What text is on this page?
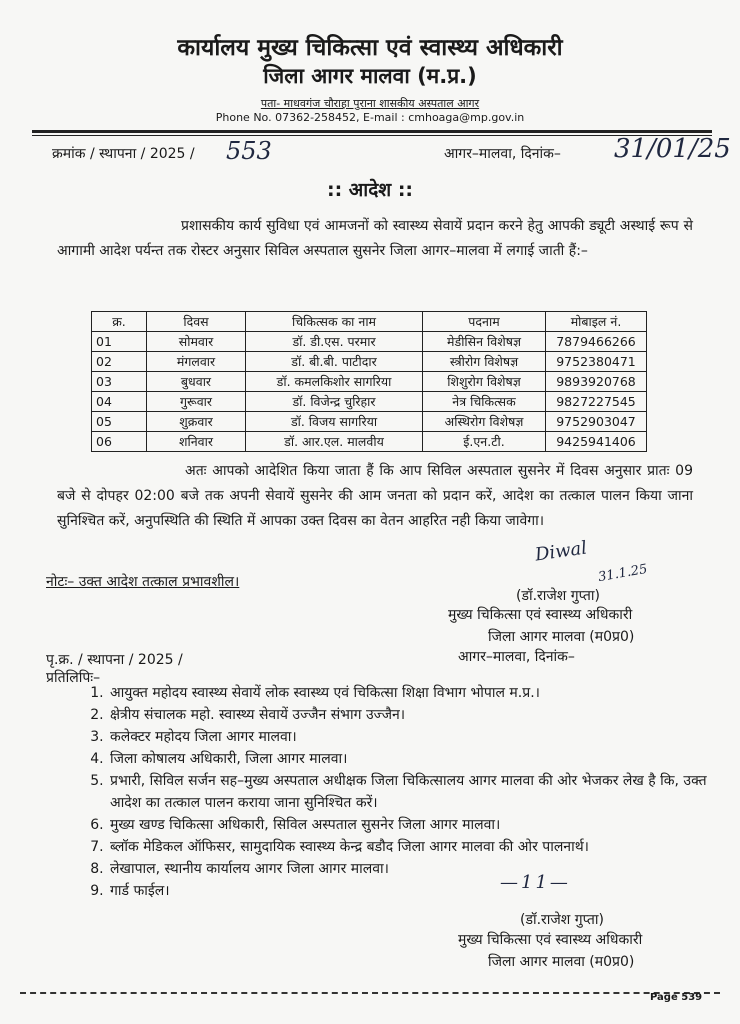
कार्यालय मुख्य चिकित्सा एवं स्वास्थ्य अधिकारी
जिला आगर मालवा (म.प्र.)
पता- माधवगंज चौराहा पुराना शासकीय अस्पताल आगर
Phone No. 07362-258452, E-mail : cmhoaga@mp.gov.in
क्रमांक / स्थापना / 2025 / 553	आगर–मालवा, दिनांक– 31/01/25
:: आदेश ::
प्रशासकीय कार्य सुविधा एवं आमजनों को स्वास्थ्य सेवायें प्रदान करने हेतु आपकी ड्यूटी अस्थाई रूप से आगामी आदेश पर्यन्त तक रोस्टर अनुसार सिविल अस्पताल सुसनेर जिला आगर–मालवा में लगाई जाती हैं:–
क्र.	दिवस	चिकित्सक का नाम	पदनाम	मोबाइल नं.
01	सोमवार	डॉ. डी.एस. परमार	मेडीसिन विशेषज्ञ	7879466266
02	मंगलवार	डॉ. बी.बी. पाटीदार	स्त्रीरोग विशेषज्ञ	9752380471
03	बुधवार	डॉ. कमलकिशोर सागरिया	शिशुरोग विशेषज्ञ	9893920768
04	गुरूवार	डॉ. विजेन्द्र चुरिहार	नेत्र चिकित्सक	9827227545
05	शुक्रवार	डॉ. विजय सागरिया	अस्थिरोग विशेषज्ञ	9752903047
06	शनिवार	डॉ. आर.एल. मालवीय	ई.एन.टी.	9425941406
अतः आपको आदेशित किया जाता हैं कि आप सिविल अस्पताल सुसनेर में दिवस अनुसार प्रातः 09 बजे से दोपहर 02:00 बजे तक अपनी सेवायें सुसनेर की आम जनता को प्रदान करें, आदेश का तत्काल पालन किया जाना सुनिश्चित करें, अनुपस्थिति की स्थिति में आपका उक्त दिवस का वेतन आहरित नही किया जावेगा।
नोटः– उक्त आदेश तत्काल प्रभावशील।
Diwal
31.1.25
(डॉ.राजेश गुप्ता)
मुख्य चिकित्सा एवं स्वास्थ्य अधिकारी
जिला आगर मालवा (म0प्र0)
आगर–मालवा, दिनांक–
पृ.क्र. / स्थापना / 2025 /
प्रतिलिपिः–
1. आयुक्त महोदय स्वास्थ्य सेवायें लोक स्वास्थ्य एवं चिकित्सा शिक्षा विभाग भोपाल म.प्र.।
2. क्षेत्रीय संचालक महो. स्वास्थ्य सेवायें उज्जैन संभाग उज्जैन।
3. कलेक्टर महोदय जिला आगर मालवा।
4. जिला कोषालय अधिकारी, जिला आगर मालवा।
5. प्रभारी, सिविल सर्जन सह–मुख्य अस्पताल अधीक्षक जिला चिकित्सालय आगर मालवा की ओर भेजकर लेख है कि, उक्त आदेश का तत्काल पालन कराया जाना सुनिश्चित करें।
6. मुख्य खण्ड चिकित्सा अधिकारी, सिविल अस्पताल सुसनेर जिला आगर मालवा।
7. ब्लॉक मेडिकल ऑफिसर, सामुदायिक स्वास्थ्य केन्द्र बडौद जिला आगर मालवा की ओर पालनार्थ।
8. लेखापाल, स्थानीय कार्यालय आगर जिला आगर मालवा।
9. गार्ड फाईल।	—11—
(डॉ.राजेश गुप्ता)
मुख्य चिकित्सा एवं स्वास्थ्य अधिकारी
जिला आगर मालवा (म0प्र0)
Page 539
